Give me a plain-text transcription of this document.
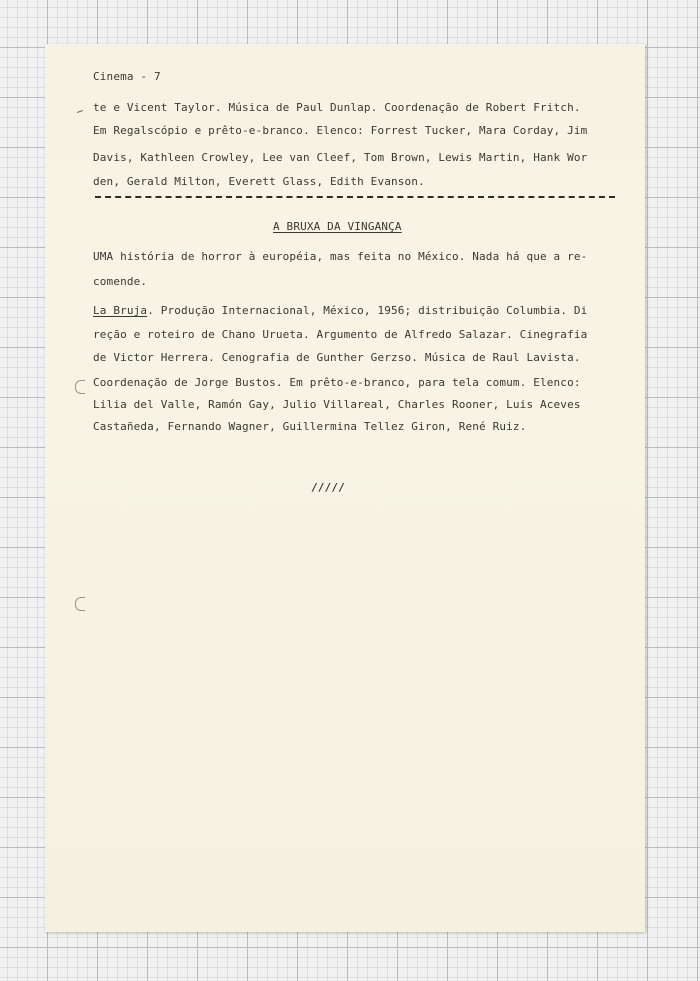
Cinema - 7
te e Vicent Taylor. Música de Paul Dunlap. Coordenação de Robert Fritch.
Em Regalscópio e prêto-e-branco. Elenco: Forrest Tucker, Mara Corday, Jim
Davis, Kathleen Crowley, Lee van Cleef, Tom Brown, Lewis Martin, Hank Wor
den, Gerald Milton, Everett Glass, Edith Evanson.
A BRUXA DA VINGANÇA
UMA história de horror à européia, mas feita no México. Nada há que a re-
comende.
La Bruja. Produção Internacional, México, 1956; distribuição Columbia. Di
reção e roteiro de Chano Urueta. Argumento de Alfredo Salazar. Cinegrafia
de Victor Herrera. Cenografia de Gunther Gerzso. Música de Raul Lavista.
Coordenação de Jorge Bustos. Em prêto-e-branco, para tela comum. Elenco:
Lilia del Valle, Ramón Gay, Julio Villareal, Charles Rooner, Luis Aceves
Castañeda, Fernando Wagner, Guillermina Tellez Giron, René Ruiz.
/////
